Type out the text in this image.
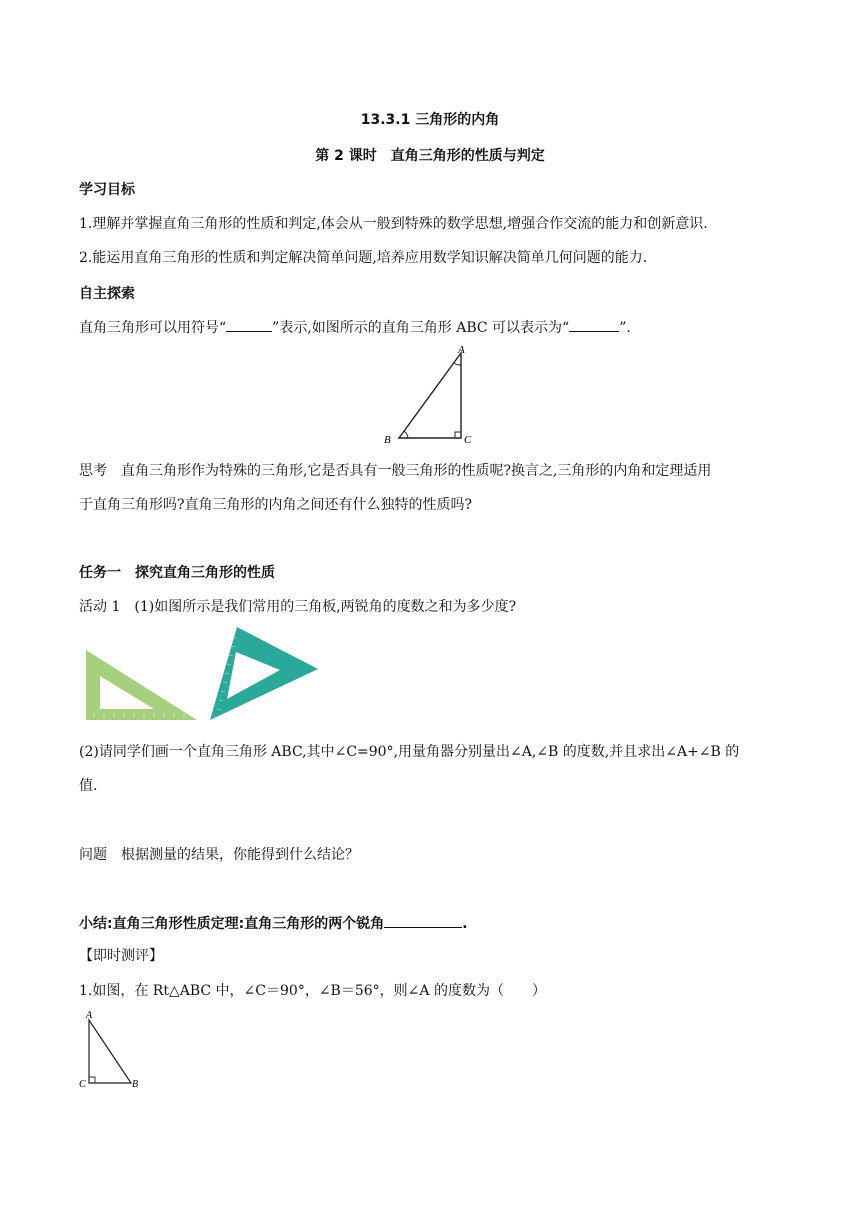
13.3.1 三角形的内角
第 2 课时　直角三角形的性质与判定
学习目标
1.理解并掌握直角三角形的性质和判定,体会从一般到特殊的数学思想,增强合作交流的能力和创新意识.
2.能运用直角三角形的性质和判定解决简单问题,培养应用数学知识解决简单几何问题的能力.
自主探索
直角三角形可以用符号“	”表示,如图所示的直角三角形 ABC 可以表示为“	”.
A
B	C
思考 直角三角形作为特殊的三角形,它是否具有一般三角形的性质呢?换言之,三角形的内角和定理适用
于直角三角形吗?直角三角形的内角之间还有什么独特的性质吗?
任务一　探究直角三角形的性质
活动 1 (1)如图所示是我们常用的三角板,两锐角的度数之和为多少度?
(2)请同学们画一个直角三角形 ABC,其中∠C=90°,用量角器分别量出∠A,∠B 的度数,并且求出∠A+∠B 的
值.
问题　根据测量的结果，你能得到什么结论？
小结:直角三角形性质定理:直角三角形的两个锐角	.
【即时测评】
1.如图，在 Rt△ABC 中，∠C＝90°，∠B＝56°，则∠A 的度数为（　　）
A
C	B
